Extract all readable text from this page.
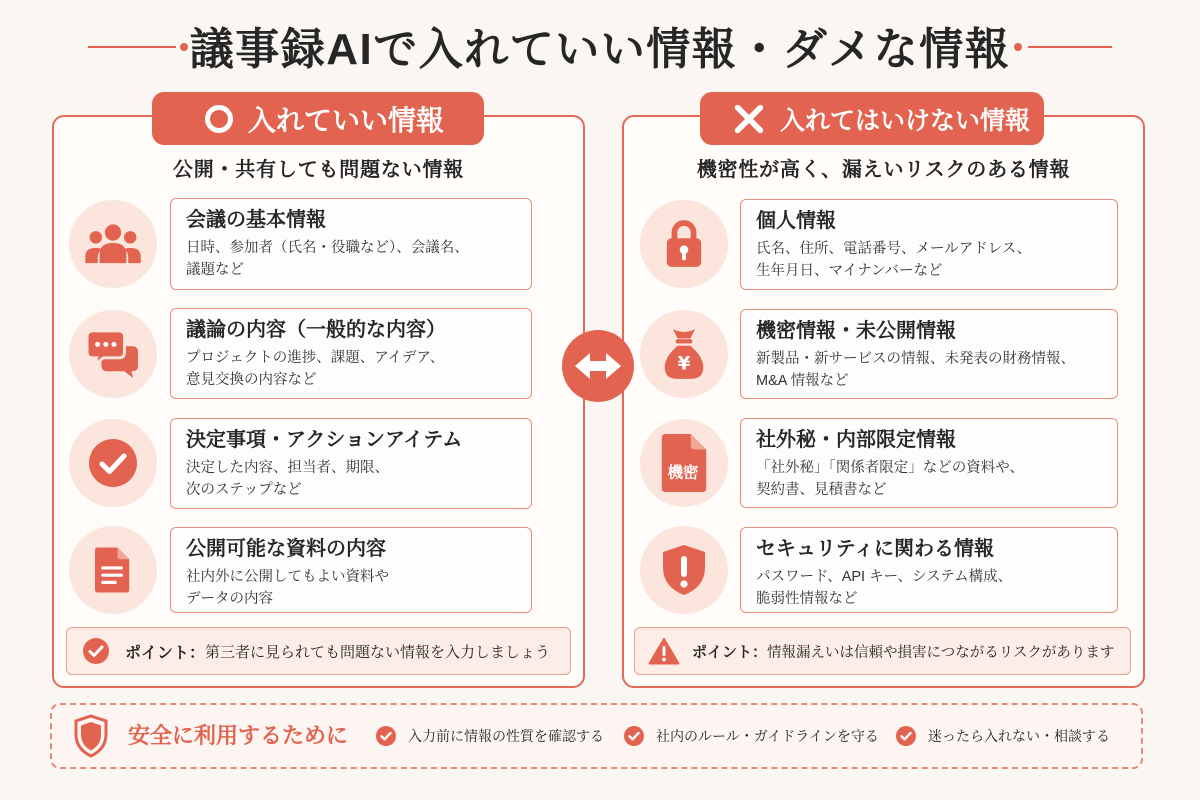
議事録AIで入れていい情報・ダメな情報
入れていい情報
公開・共有しても問題ない情報
会議の基本情報
日時、参加者（氏名・役職など）、会議名、
議題など
議論の内容（一般的な内容）
プロジェクトの進捗、課題、アイデア、
意見交換の内容など
決定事項・アクションアイテム
決定した内容、担当者、期限、
次のステップなど
公開可能な資料の内容
社内外に公開してもよい資料や
データの内容
ポイント： 第三者に見られても問題ない情報を入力しましょう
入れてはいけない情報
機密性が高く、漏えいリスクのある情報
個人情報
氏名、住所、電話番号、メールアドレス、
生年月日、マイナンバーなど
¥
機密情報・未公開情報
新製品・新サービスの情報、未発表の財務情報、
M&A 情報など
機密
社外秘・内部限定情報
「社外秘」「関係者限定」などの資料や、
契約書、見積書など
セキュリティに関わる情報
パスワード、API キー、システム構成、
脆弱性情報など
ポイント： 情報漏えいは信頼や損害につながるリスクがあります
安全に利用するために	入力前に情報の性質を確認する	社内のルール・ガイドラインを守る	迷ったら入れない・相談する
